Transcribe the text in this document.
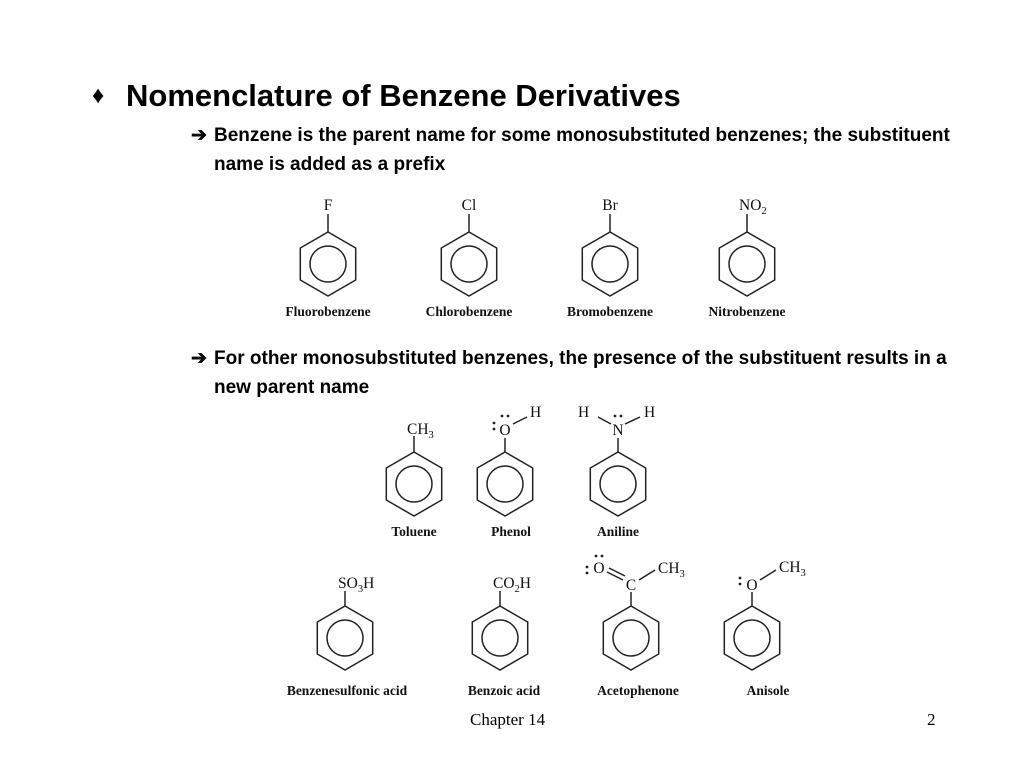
♦ Nomenclature of Benzene Derivatives
➔ Benzene is the parent name for some monosubstituted benzenes; the substituent name is added as a prefix
➔ For other monosubstituted benzenes, the presence of the substituent results in a new parent name
F
Fluorobenzene
Cl
Chlorobenzene
Br
Bromobenzene
$NO_2$
Nitrobenzene
$CH_3$
Toluene
O
H
Phenol
N
H	H
Aniline
$SO_3H$
Benzenesulfonic acid
$CO_2H$
Benzoic acid
C
O	$CH_3$
Acetophenone
O
$CH_3$
Anisole
Chapter 14	2
